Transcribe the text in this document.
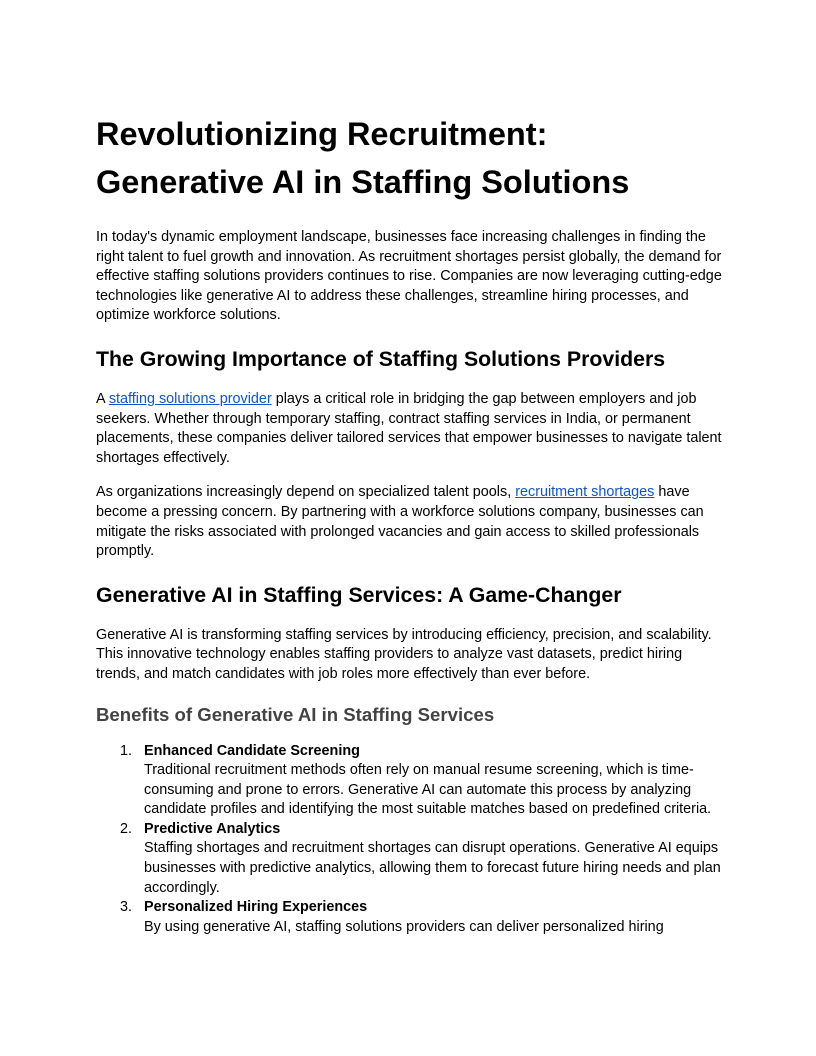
Revolutionizing Recruitment:
Generative AI in Staffing Solutions

In today's dynamic employment landscape, businesses face increasing challenges in finding the right talent to fuel growth and innovation. As recruitment shortages persist globally, the demand for effective staffing solutions providers continues to rise. Companies are now leveraging cutting-edge technologies like generative AI to address these challenges, streamline hiring processes, and optimize workforce solutions.

The Growing Importance of Staffing Solutions Providers

A staffing solutions provider plays a critical role in bridging the gap between employers and job seekers. Whether through temporary staffing, contract staffing services in India, or permanent placements, these companies deliver tailored services that empower businesses to navigate talent shortages effectively.

As organizations increasingly depend on specialized talent pools, recruitment shortages have become a pressing concern. By partnering with a workforce solutions company, businesses can mitigate the risks associated with prolonged vacancies and gain access to skilled professionals promptly.

Generative AI in Staffing Services: A Game-Changer

Generative AI is transforming staffing services by introducing efficiency, precision, and scalability. This innovative technology enables staffing providers to analyze vast datasets, predict hiring trends, and match candidates with job roles more effectively than ever before.

Benefits of Generative AI in Staffing Services
1. Enhanced Candidate Screening
Traditional recruitment methods often rely on manual resume screening, which is time-consuming and prone to errors. Generative AI can automate this process by analyzing candidate profiles and identifying the most suitable matches based on predefined criteria.
2. Predictive Analytics
Staffing shortages and recruitment shortages can disrupt operations. Generative AI equips businesses with predictive analytics, allowing them to forecast future hiring needs and plan accordingly.
3. Personalized Hiring Experiences
By using generative AI, staffing solutions providers can deliver personalized hiring
